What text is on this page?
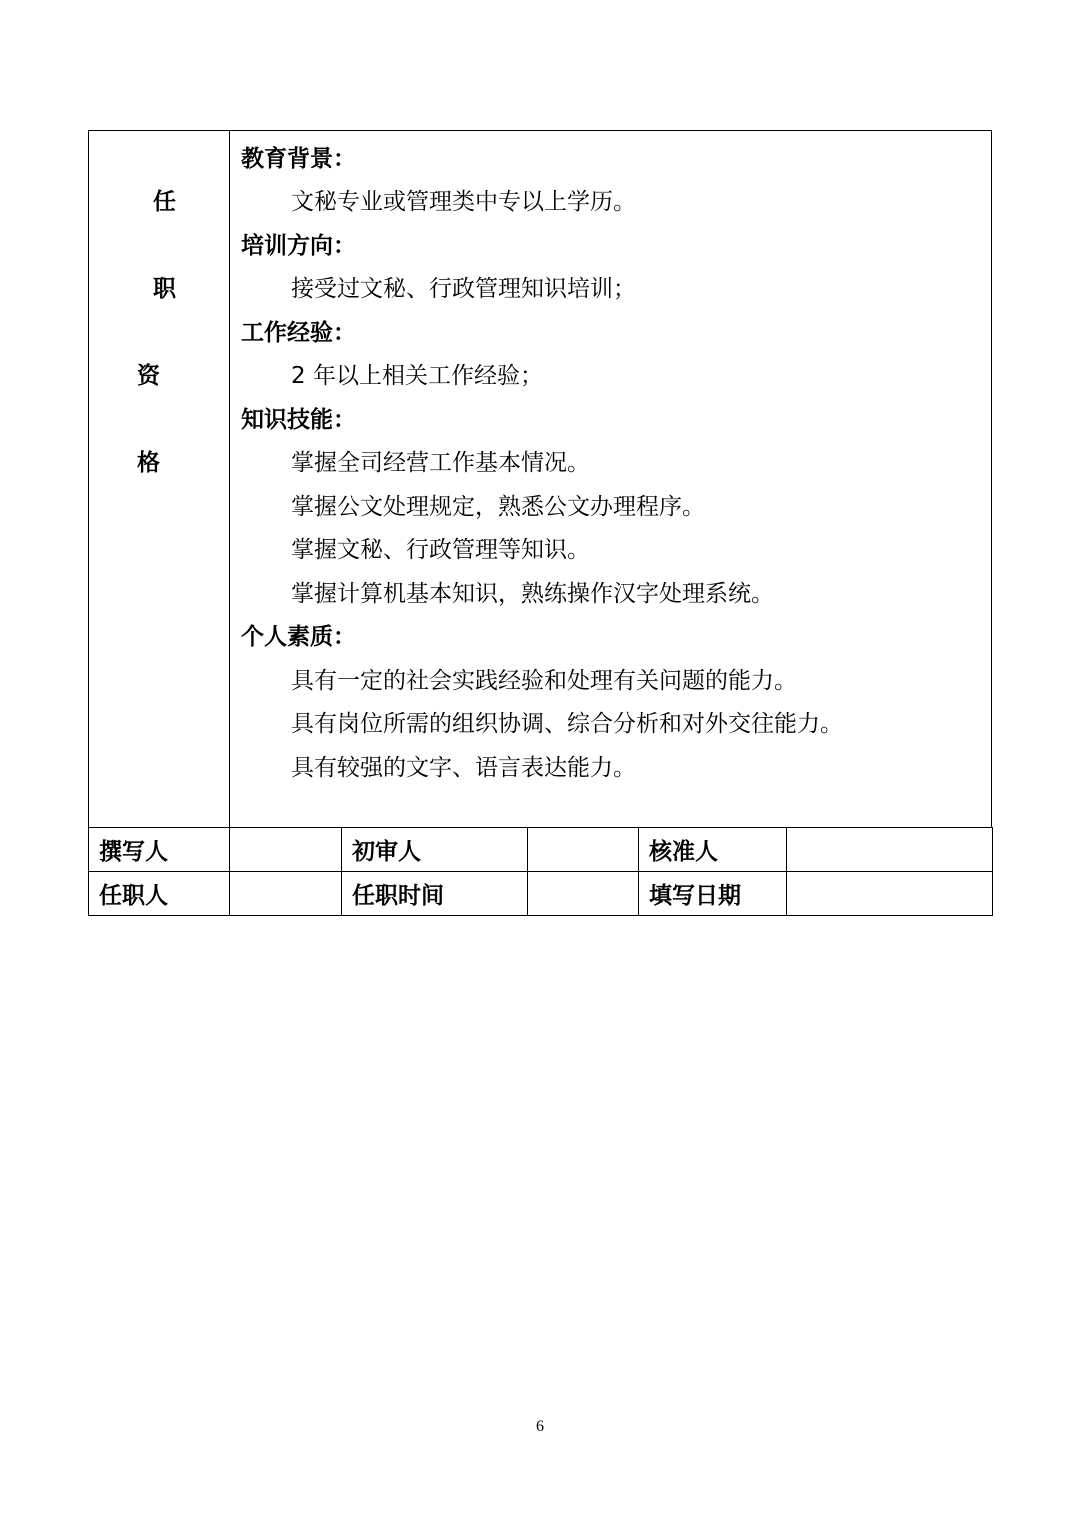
任
职
资
格
教育背景：
文秘专业或管理类中专以上学历。
培训方向：
接受过文秘、行政管理知识培训；
工作经验：
2 年以上相关工作经验；
知识技能：
掌握全司经营工作基本情况。
掌握公文处理规定，熟悉公文办理程序。
掌握文秘、行政管理等知识。
掌握计算机基本知识，熟练操作汉字处理系统。
个人素质：
具有一定的社会实践经验和处理有关问题的能力。
具有岗位所需的组织协调、综合分析和对外交往能力。
具有较强的文字、语言表达能力。
撰写人		初审人		核准人	
任职人		任职时间		填写日期	
6
